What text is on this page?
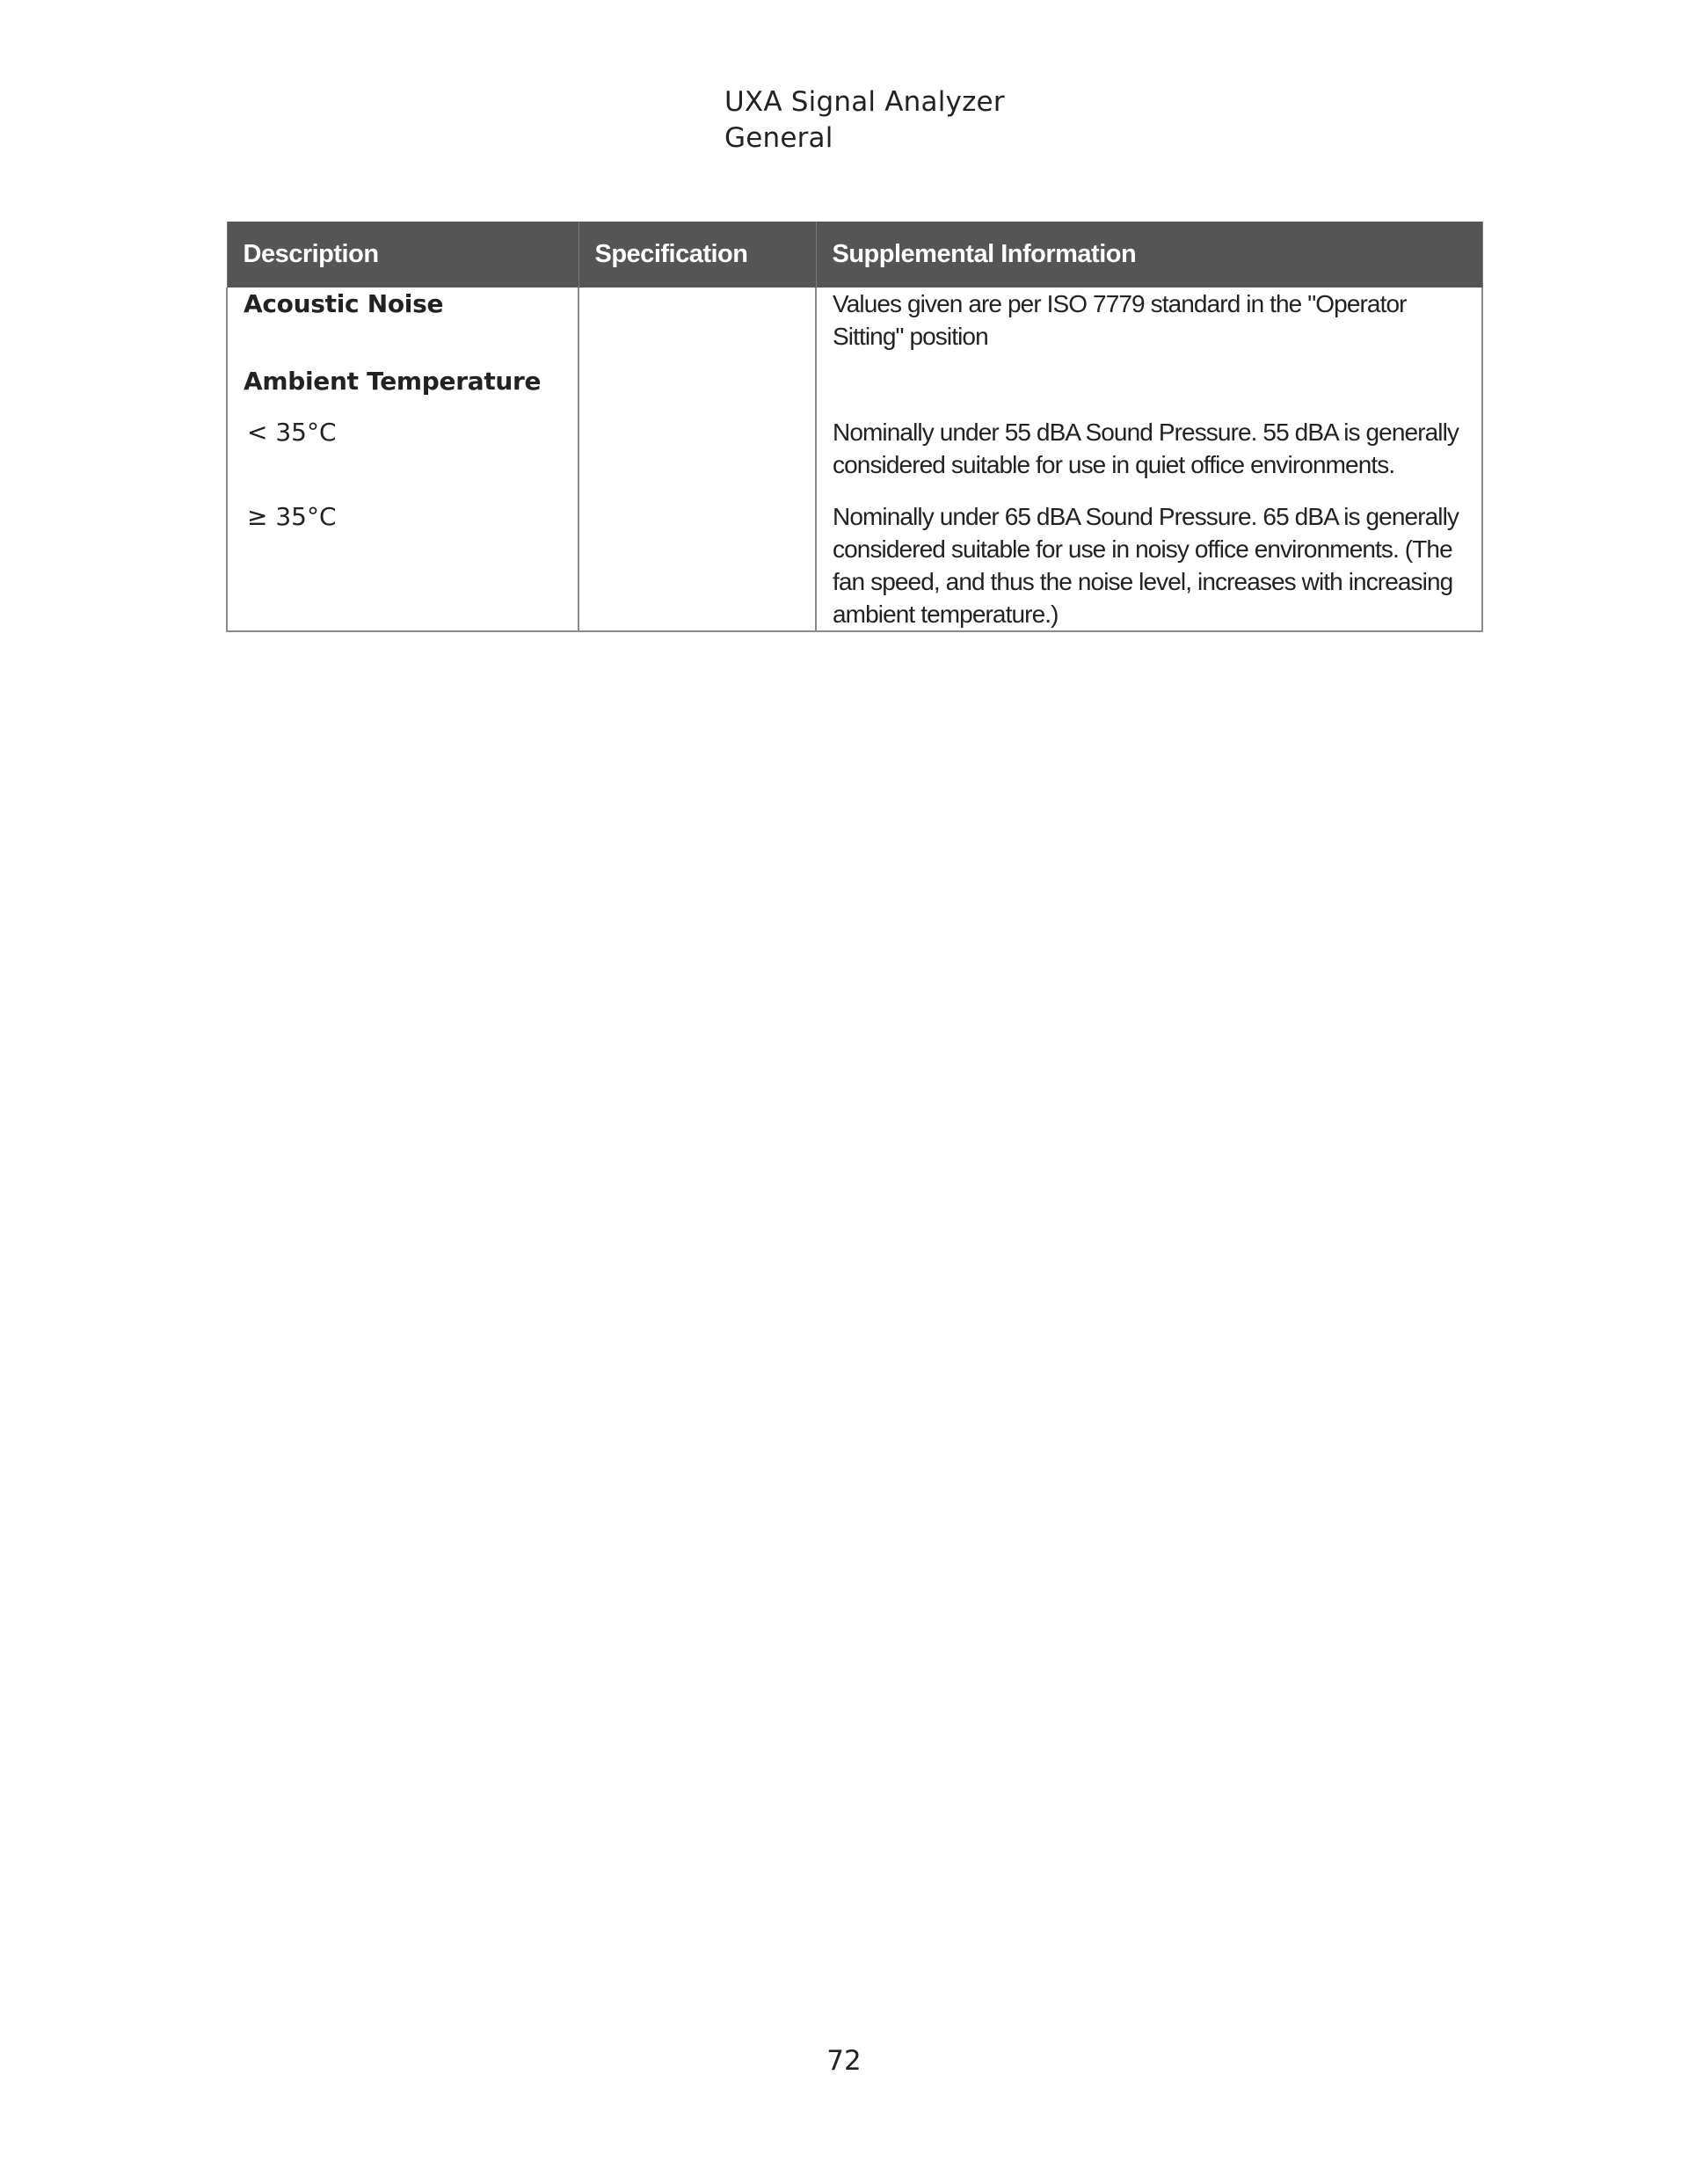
UXA Signal Analyzer
General
Description	Specification	Supplemental Information
Acoustic Noise		Values given are per ISO 7779 standard in the "Operator Sitting" position
Ambient Temperature		
< 35°C		Nominally under 55 dBA Sound Pressure. 55 dBA is generally considered suitable for use in quiet office environments.
≥ 35°C		Nominally under 65 dBA Sound Pressure. 65 dBA is generally considered suitable for use in noisy office environments. (The fan speed, and thus the noise level, increases with increasing ambient temperature.)
72
